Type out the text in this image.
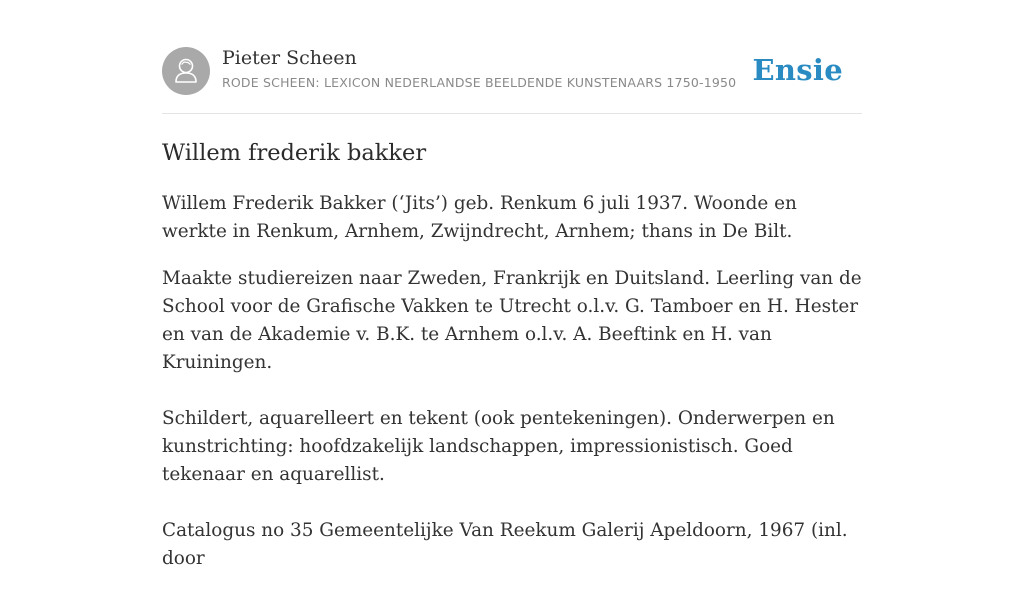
Pieter Scheen
RODE SCHEEN: LEXICON NEDERLANDSE BEELDENDE KUNSTENAARS 1750-1950 Ensie
Willem frederik bakker

Willem Frederik Bakker (‘Jits’) geb. Renkum 6 juli 1937. Woonde en werkte in Renkum, Arnhem, Zwijndrecht, Arnhem; thans in De Bilt.

Maakte studiereizen naar Zweden, Frankrijk en Duitsland. Leerling van de School voor de Grafische Vakken te Utrecht o.l.v. G. Tamboer en H. Hester en van de Akademie v. B.K. te Arnhem o.l.v. A. Beeftink en H. van Kruiningen.

Schildert, aquarelleert en tekent (ook pentekeningen). Onderwerpen en kunstrichting: hoofdzakelijk landschappen, impressionistisch. Goed tekenaar en aquarellist.

Catalogus no 35 Gemeentelijke Van Reekum Galerij Apeldoorn, 1967 (inl. door
